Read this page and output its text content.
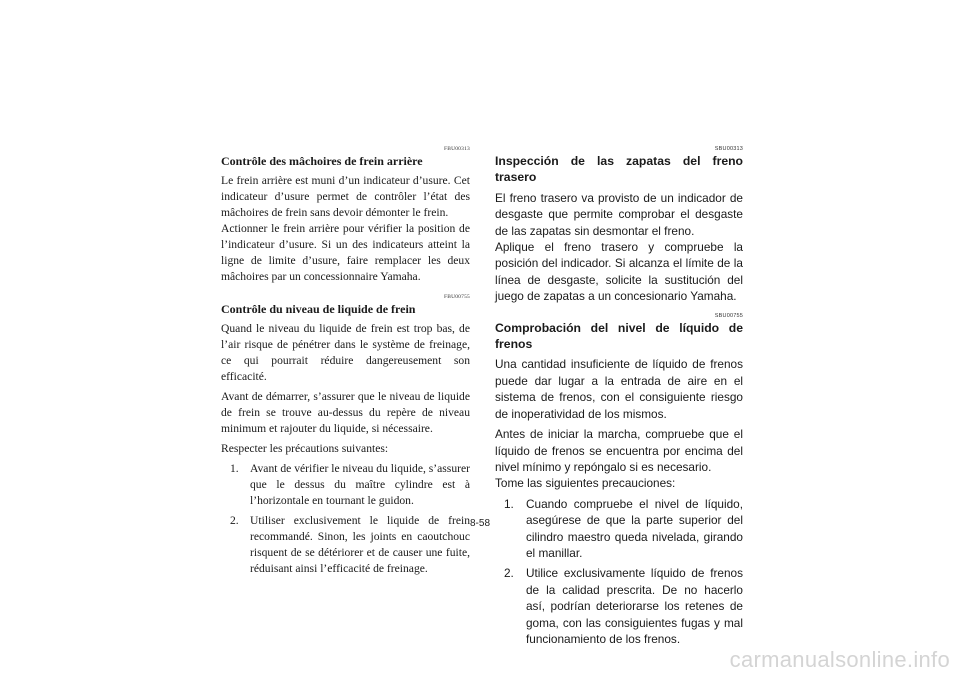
FBU00313
Contrôle des mâchoires de frein arrière

Le frein arrière est muni d’un indicateur d’usure. Cet indicateur d’usure permet de contrôler l’état des mâchoires de frein sans devoir démonter le frein.

Actionner le frein arrière pour vérifier la position de l’indicateur d’usure. Si un des indicateurs atteint la ligne de limite d’usure, faire remplacer les deux mâchoires par un concessionnaire Yamaha.

FBU00755
Contrôle du niveau de liquide de frein

Quand le niveau du liquide de frein est trop bas, de l’air risque de pénétrer dans le système de freinage, ce qui pourrait réduire dangereusement son efficacité.

Avant de démarrer, s’assurer que le niveau de liquide de frein se trouve au-dessus du repère de niveau minimum et rajouter du liquide, si nécessaire.

Respecter les précautions suivantes:

1. Avant de vérifier le niveau du liquide, s’assurer que le dessus du maître cylindre est à l’horizontale en tournant le guidon.
2. Utiliser exclusivement le liquide de frein recommandé. Sinon, les joints en caoutchouc risquent de se détériorer et de causer une fuite, réduisant ainsi l’efficacité de freinage.
SBU00313
Inspección de las zapatas del freno trasero

El freno trasero va provisto de un indicador de desgaste que permite comprobar el desgaste de las zapatas sin desmontar el freno.

Aplique el freno trasero y compruebe la posición del indicador. Si alcanza el límite de la línea de desgaste, solicite la sustitución del juego de zapatas a un concesionario Yamaha.

SBU00755
Comprobación del nivel de líquido de frenos

Una cantidad insuficiente de líquido de frenos puede dar lugar a la entrada de aire en el sistema de frenos, con el consiguiente riesgo de inoperatividad de los mismos.

Antes de iniciar la marcha, compruebe que el líquido de frenos se encuentra por encima del nivel mínimo y repóngalo si es necesario.

Tome las siguientes precauciones:

1. Cuando compruebe el nivel de líquido, asegúrese de que la parte superior del cilindro maestro queda nivelada, girando el manillar.
2. Utilice exclusivamente líquido de frenos de la calidad prescrita. De no hacerlo así, podrían deteriorarse los retenes de goma, con las consiguientes fugas y mal funcionamiento de los frenos.
8-58
carmanualsonline.info
